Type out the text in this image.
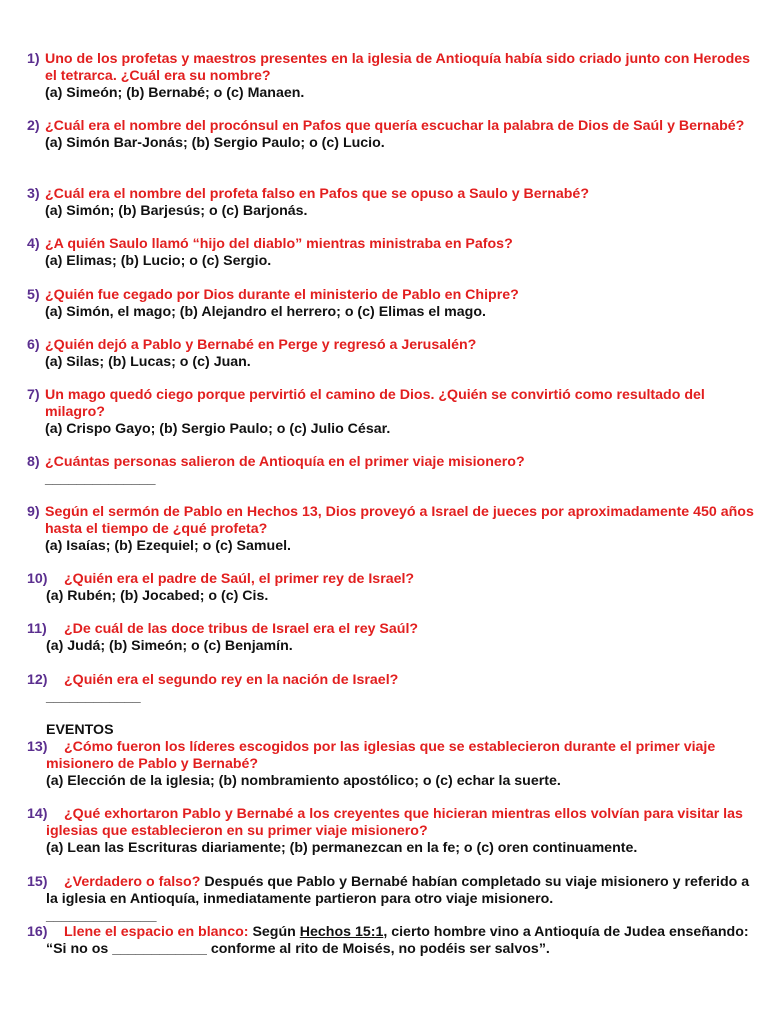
1) Uno de los profetas y maestros presentes en la iglesia de Antioquía había sido criado junto con Herodes el tetrarca. ¿Cuál era su nombre?
(a) Simeón; (b) Bernabé; o (c) Manaen.
2) ¿Cuál era el nombre del procónsul en Pafos que quería escuchar la palabra de Dios de Saúl y Bernabé?
(a) Simón Bar-Jonás; (b) Sergio Paulo; o (c) Lucio.
3) ¿Cuál era el nombre del profeta falso en Pafos que se opuso a Saulo y Bernabé?
(a) Simón; (b) Barjesús; o (c) Barjonás.
4) ¿A quién Saulo llamó “hijo del diablo” mientras ministraba en Pafos?
(a) Elimas; (b) Lucio; o (c) Sergio.
5) ¿Quién fue cegado por Dios durante el ministerio de Pablo en Chipre?
(a) Simón, el mago; (b) Alejandro el herrero; o (c) Elimas el mago.
6) ¿Quién dejó a Pablo y Bernabé en Perge y regresó a Jerusalén?
(a) Silas; (b) Lucas; o (c) Juan.
7) Un mago quedó ciego porque pervirtió el camino de Dios. ¿Quién se convirtió como resultado del milagro?
(a) Crispo Gayo; (b) Sergio Paulo; o (c) Julio César.
8) ¿Cuántas personas salieron de Antioquía en el primer viaje misionero?
______________
9) Según el sermón de Pablo en Hechos 13, Dios proveyó a Israel de jueces por aproximadamente 450 años hasta el tiempo de ¿qué profeta?
(a) Isaías; (b) Ezequiel; o (c) Samuel.
10) ¿Quién era el padre de Saúl, el primer rey de Israel?
(a) Rubén; (b) Jocabed; o (c) Cis.
11) ¿De cuál de las doce tribus de Israel era el rey Saúl?
(a) Judá; (b) Simeón; o (c) Benjamín.
12) ¿Quién era el segundo rey en la nación de Israel?
____________
EVENTOS
13)	¿Cómo fueron los líderes escogidos por las iglesias que se establecieron durante el primer viaje misionero de Pablo y Bernabé?
(a) Elección de la iglesia; (b) nombramiento apostólico; o (c) echar la suerte.
14)	¿Qué exhortaron Pablo y Bernabé a los creyentes que hicieran mientras ellos volvían para visitar las iglesias que establecieron en su primer viaje misionero?
(a) Lean las Escrituras diariamente; (b) permanezcan en la fe; o (c) oren continuamente.
15)	¿Verdadero o falso? Después que Pablo y Bernabé habían completado su viaje misionero y referido a la iglesia en Antioquía, inmediatamente partieron para otro viaje misionero.
______________
16)	Llene el espacio en blanco: Según Hechos 15:1, cierto hombre vino a Antioquía de Judea enseñando: “Si no os ____________ conforme al rito de Moisés, no podéis ser salvos”.
